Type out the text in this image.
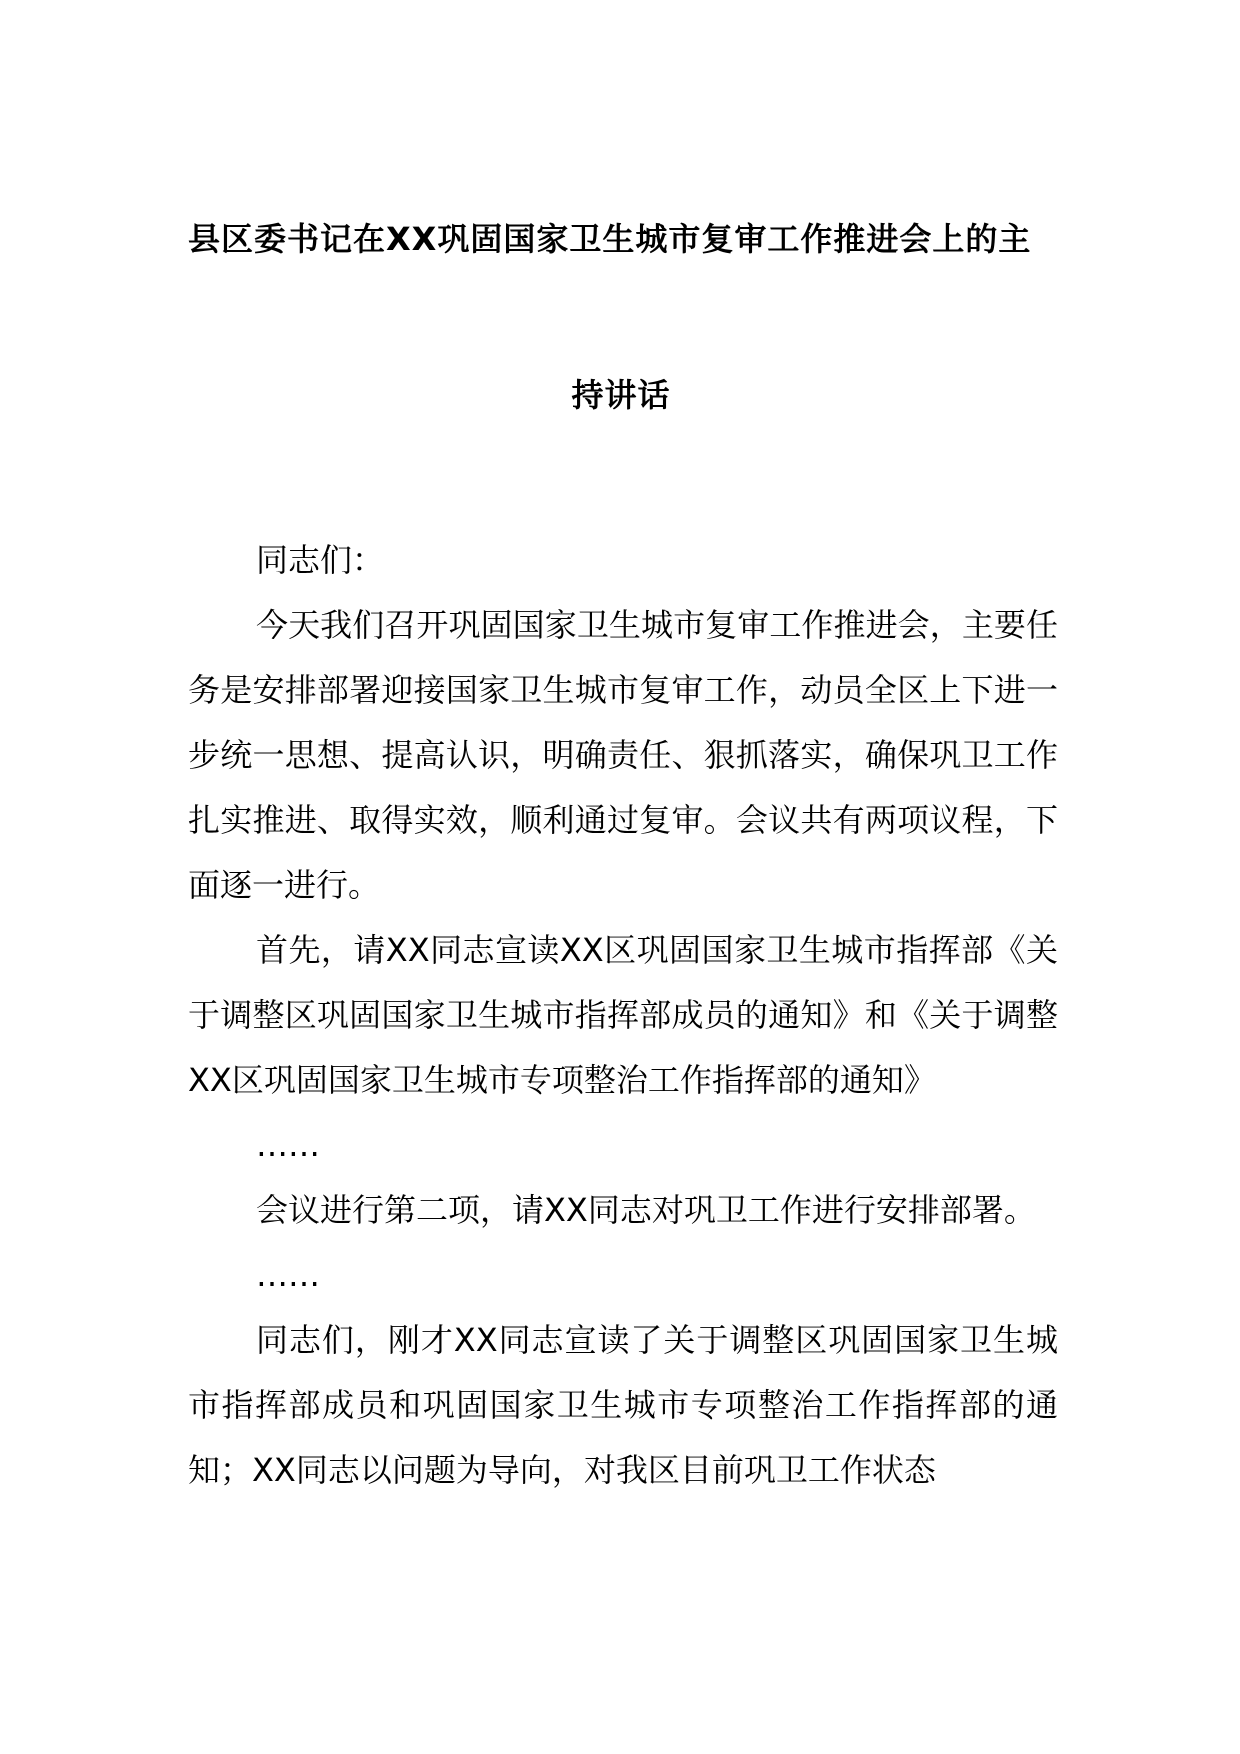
县区委书记在XX巩固国家卫生城市复审工作推进会上的主
持讲话

同志们：

今天我们召开巩固国家卫生城市复审工作推进会，主要任务是安排部署迎接国家卫生城市复审工作，动员全区上下进一步统一思想、提高认识，明确责任、狠抓落实，确保巩卫工作扎实推进、取得实效，顺利通过复审。会议共有两项议程，下面逐一进行。

首先，请XX同志宣读XX区巩固国家卫生城市指挥部《关于调整区巩固国家卫生城市指挥部成员的通知》和《关于调整XX区巩固国家卫生城市专项整治工作指挥部的通知》

……

会议进行第二项，请XX同志对巩卫工作进行安排部署。

……

同志们，刚才XX同志宣读了关于调整区巩固国家卫生城市指挥部成员和巩固国家卫生城市专项整治工作指挥部的通知；XX同志以问题为导向，对我区目前巩卫工作状态
